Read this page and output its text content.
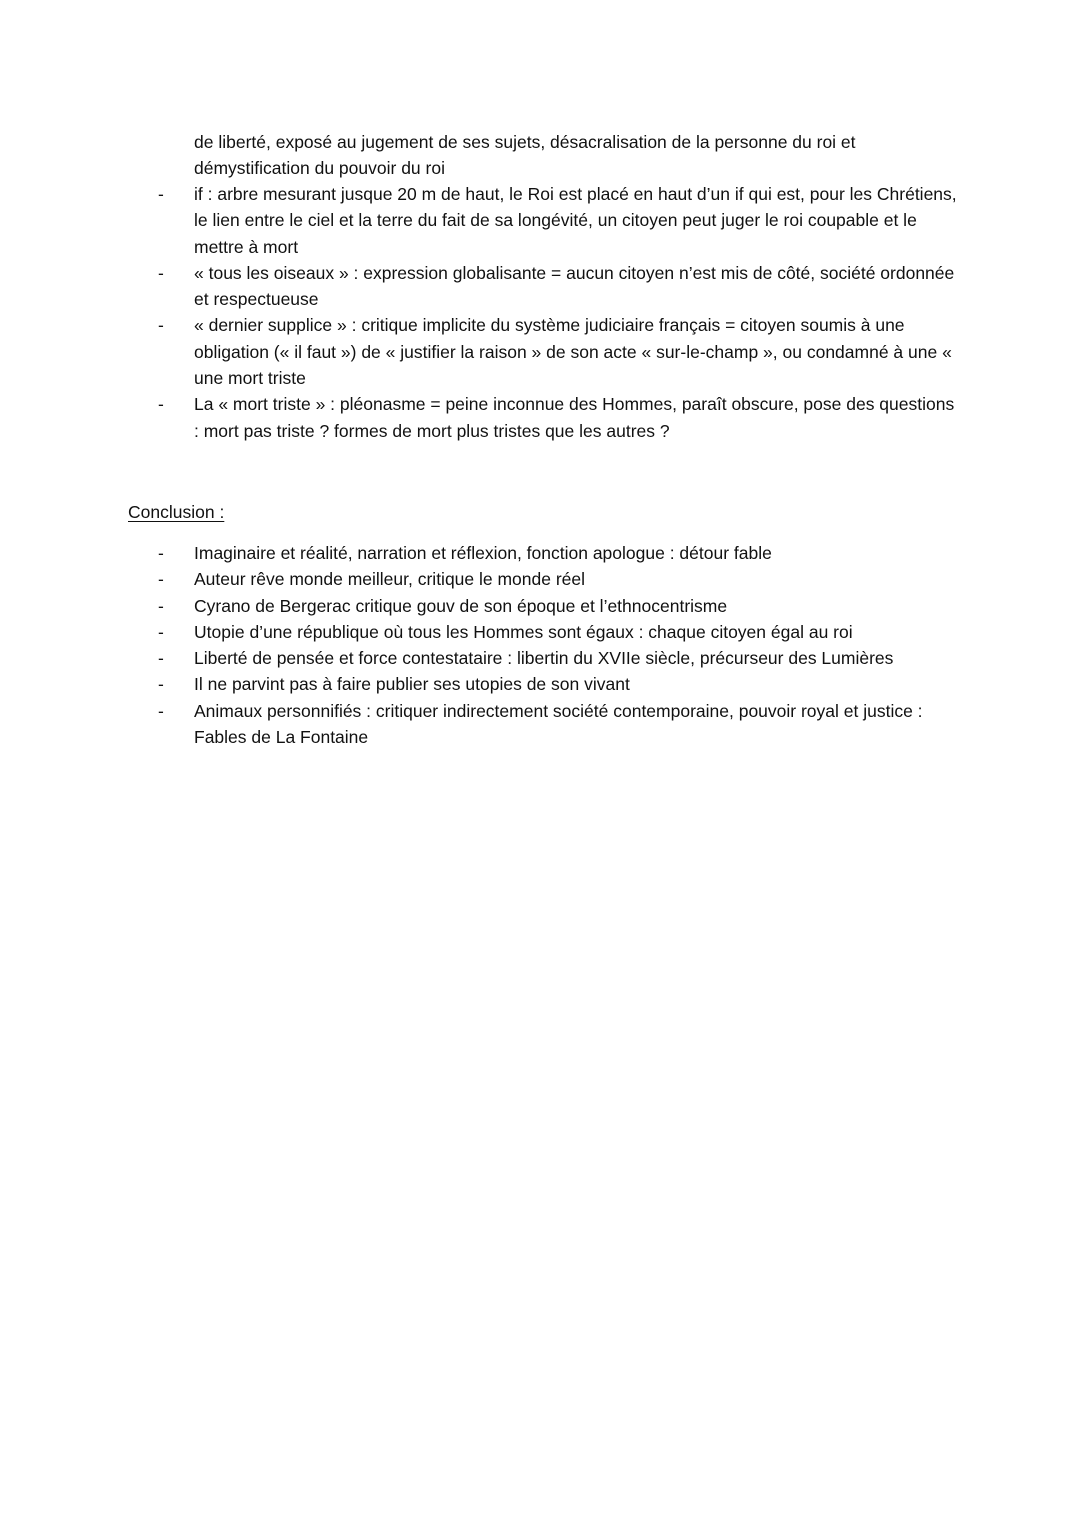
de liberté, exposé au jugement de ses sujets, désacralisation de la personne du roi et démystification du pouvoir du roi
- if : arbre mesurant jusque 20 m de haut, le Roi est placé en haut d’un if qui est, pour les Chrétiens, le lien entre le ciel et la terre du fait de sa longévité, un citoyen peut juger le roi coupable et le mettre à mort
- « tous les oiseaux » : expression globalisante = aucun citoyen n’est mis de côté, société ordonnée et respectueuse
- « dernier supplice » : critique implicite du système judiciaire français = citoyen soumis à une obligation (« il faut ») de « justifier la raison » de son acte « sur-le-champ », ou condamné à une « une mort triste
- La « mort triste » : pléonasme = peine inconnue des Hommes, paraît obscure, pose des questions : mort pas triste ? formes de mort plus tristes que les autres ?
Conclusion :
- Imaginaire et réalité, narration et réflexion, fonction apologue : détour fable
- Auteur rêve monde meilleur, critique le monde réel
- Cyrano de Bergerac critique gouv de son époque et l’ethnocentrisme
- Utopie d’une république où tous les Hommes sont égaux : chaque citoyen égal au roi
- Liberté de pensée et force contestataire : libertin du XVIIe siècle, précurseur des Lumières
- Il ne parvint pas à faire publier ses utopies de son vivant
- Animaux personnifiés : critiquer indirectement société contemporaine, pouvoir royal et justice : Fables de La Fontaine
